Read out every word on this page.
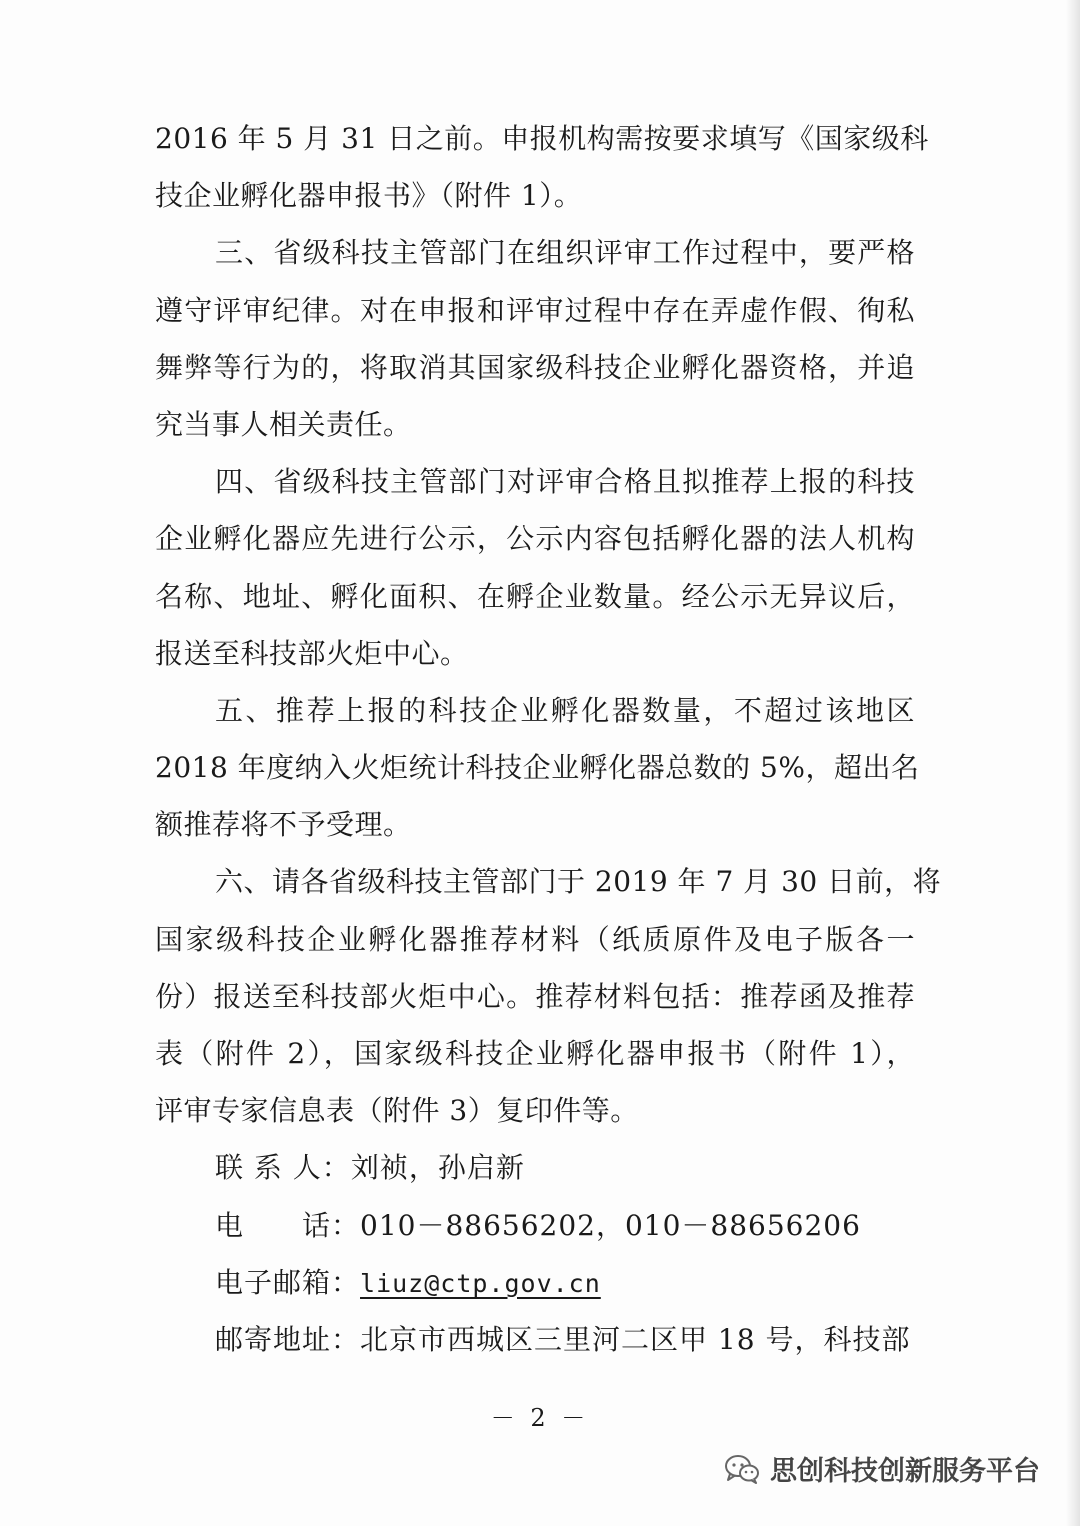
2016 年 5 月 31 日之前。申报机构需按要求填写《国家级科
技企业孵化器申报书》（附件 1）。
三、省级科技主管部门在组织评审工作过程中，要严格
遵守评审纪律。对在申报和评审过程中存在弄虚作假、徇私
舞弊等行为的，将取消其国家级科技企业孵化器资格，并追
究当事人相关责任。
四、省级科技主管部门对评审合格且拟推荐上报的科技
企业孵化器应先进行公示，公示内容包括孵化器的法人机构
名称、地址、孵化面积、在孵企业数量。经公示无异议后，
报送至科技部火炬中心。
五、推荐上报的科技企业孵化器数量，不超过该地区
2018 年度纳入火炬统计科技企业孵化器总数的 5%，超出名
额推荐将不予受理。
六、请各省级科技主管部门于 2019 年 7 月 30 日前，将
国家级科技企业孵化器推荐材料（纸质原件及电子版各一
份）报送至科技部火炬中心。推荐材料包括：推荐函及推荐
表（附件 2），国家级科技企业孵化器申报书（附件 1），
评审专家信息表（附件 3）复印件等。
联 系 人：刘祯，孙启新
电　　话：010－88656202，010－88656206
电子邮箱：liuz@ctp.gov.cn
邮寄地址：北京市西城区三里河二区甲 18 号，科技部
－ 2 －
思创科技创新服务平台
